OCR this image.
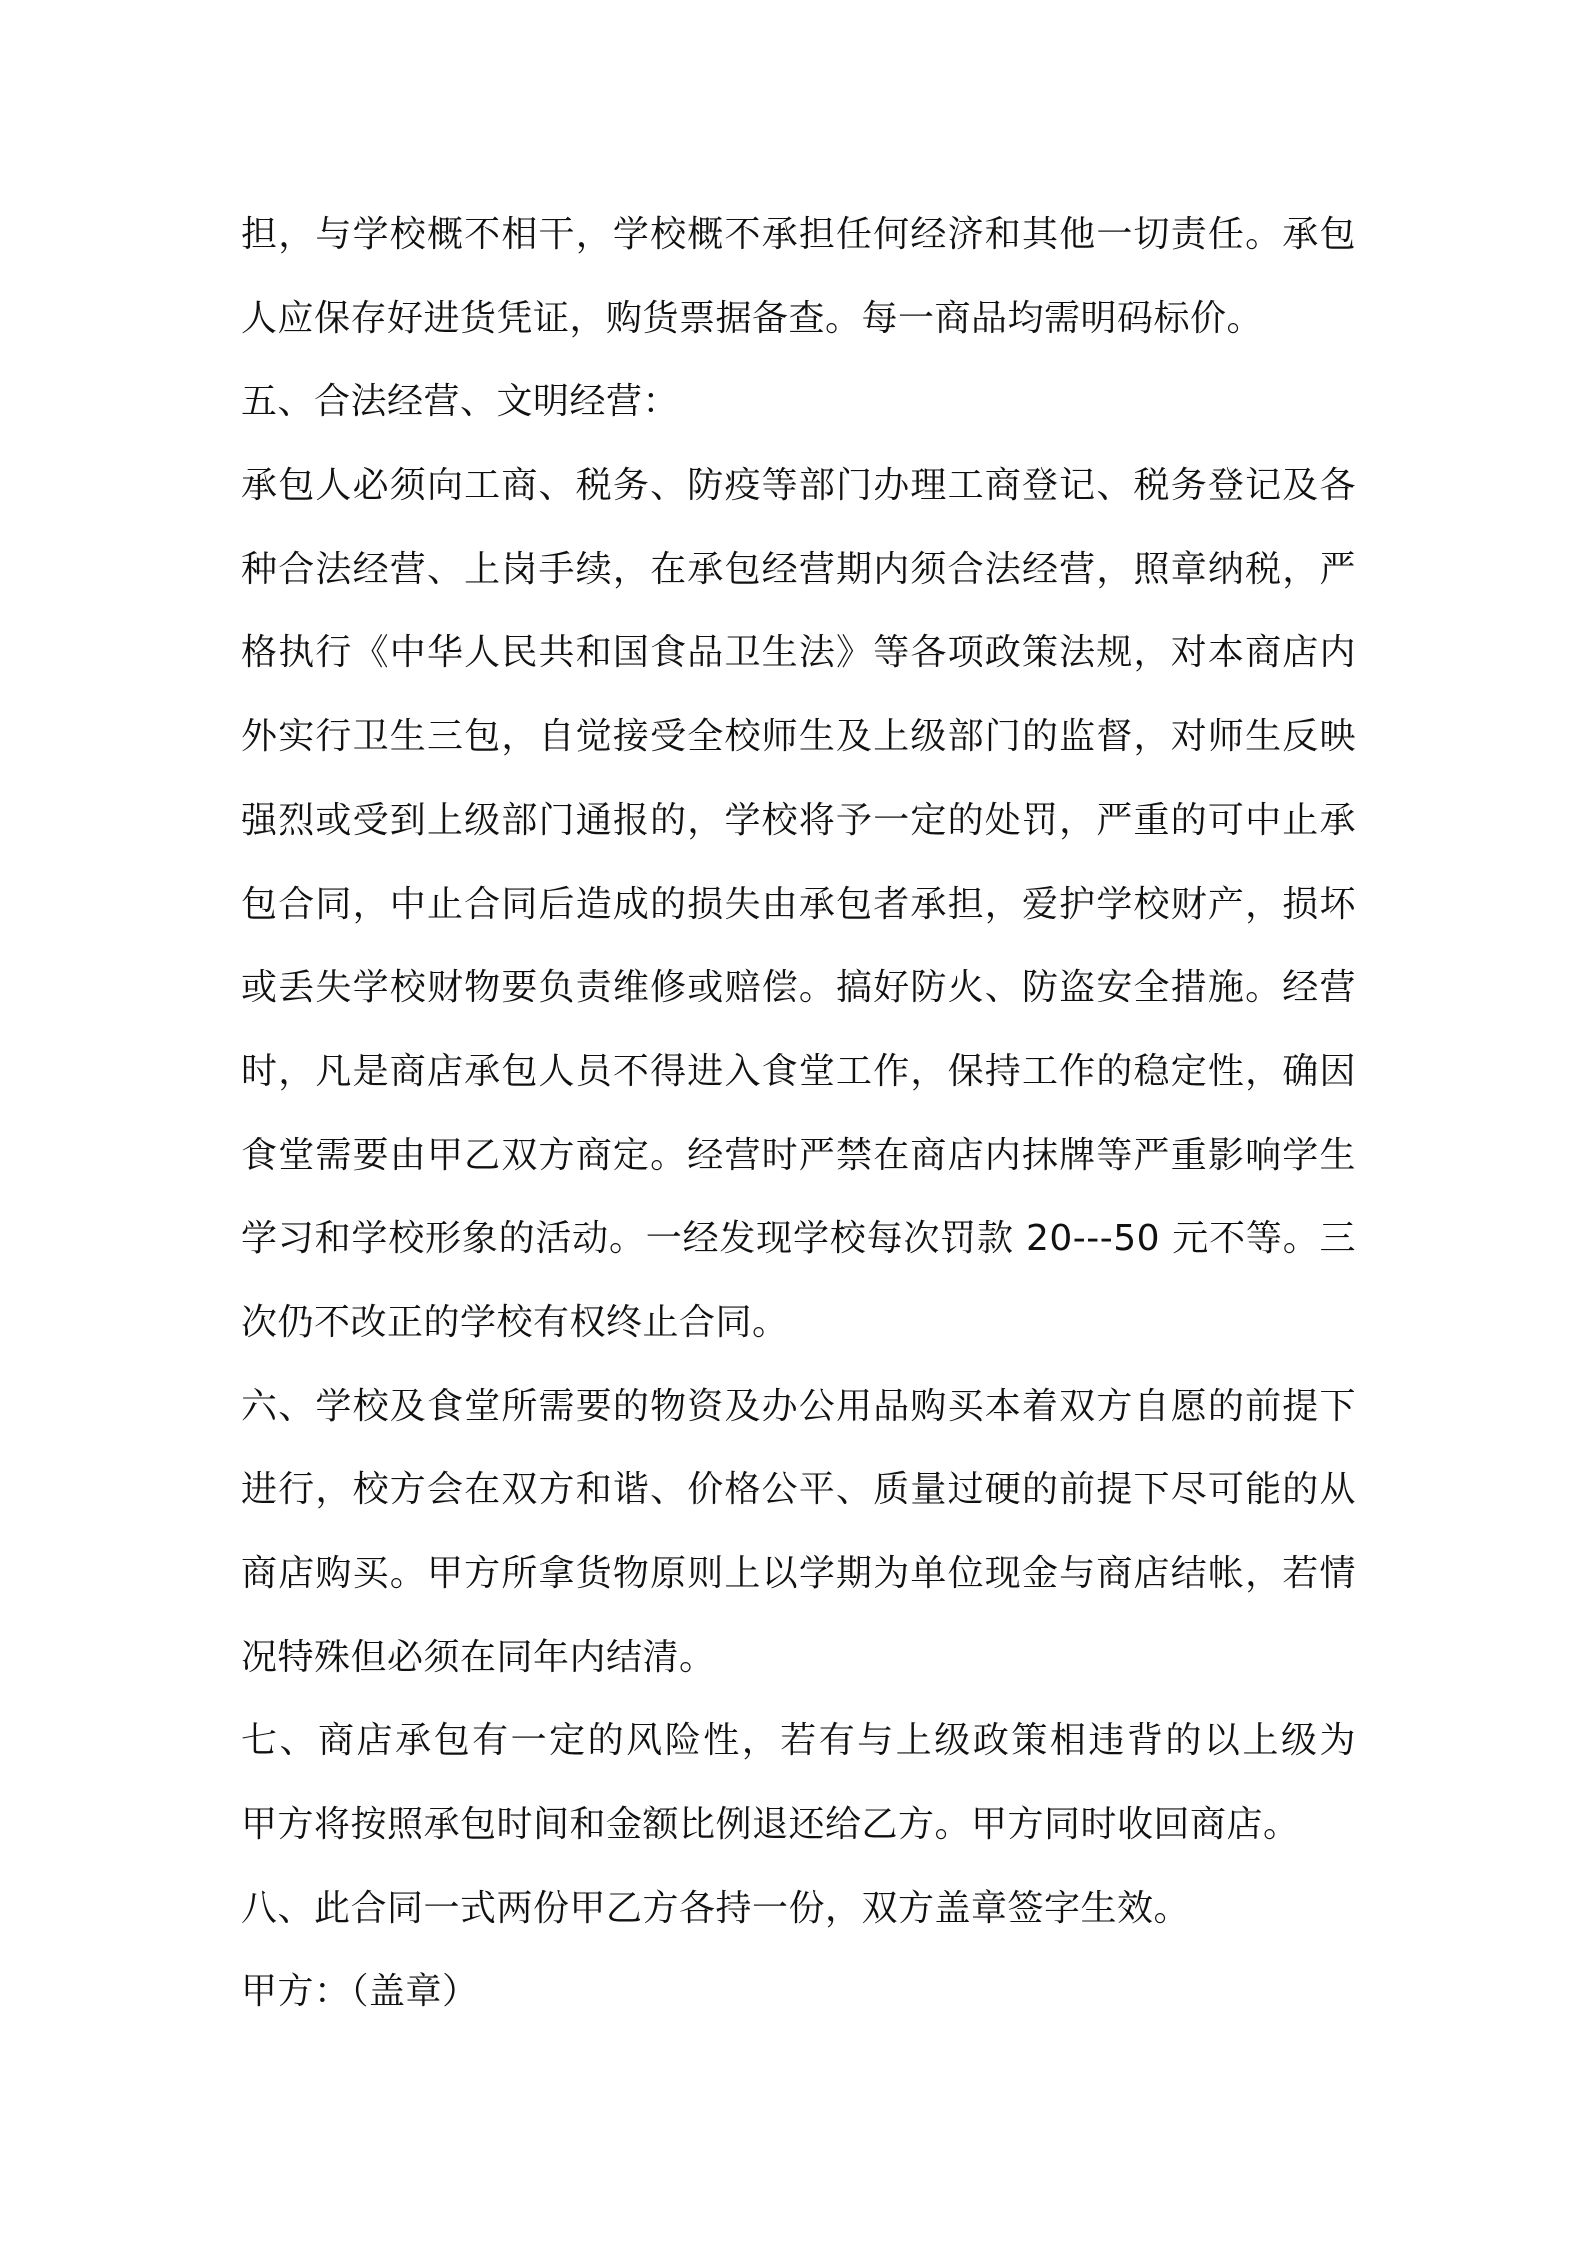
担，与学校概不相干，学校概不承担任何经济和其他一切责任。承包
人应保存好进货凭证，购货票据备查。每一商品均需明码标价。
五、合法经营、文明经营：
承包人必须向工商、税务、防疫等部门办理工商登记、税务登记及各
种合法经营、上岗手续，在承包经营期内须合法经营，照章纳税，严
格执行《中华人民共和国食品卫生法》等各项政策法规，对本商店内
外实行卫生三包，自觉接受全校师生及上级部门的监督，对师生反映
强烈或受到上级部门通报的，学校将予一定的处罚，严重的可中止承
包合同，中止合同后造成的损失由承包者承担，爱护学校财产，损坏
或丢失学校财物要负责维修或赔偿。搞好防火、防盗安全措施。经营
时，凡是商店承包人员不得进入食堂工作，保持工作的稳定性，确因
食堂需要由甲乙双方商定。经营时严禁在商店内抹牌等严重影响学生
学习和学校形象的活动。一经发现学校每次罚款 20---50 元不等。三
次仍不改正的学校有权终止合同。
六、学校及食堂所需要的物资及办公用品购买本着双方自愿的前提下
进行，校方会在双方和谐、价格公平、质量过硬的前提下尽可能的从
商店购买。甲方所拿货物原则上以学期为单位现金与商店结帐，若情
况特殊但必须在同年内结清。
七、商店承包有一定的风险性，若有与上级政策相违背的以上级为
甲方将按照承包时间和金额比例退还给乙方。甲方同时收回商店。
八、此合同一式两份甲乙方各持一份，双方盖章签字生效。
甲方：（盖章）
